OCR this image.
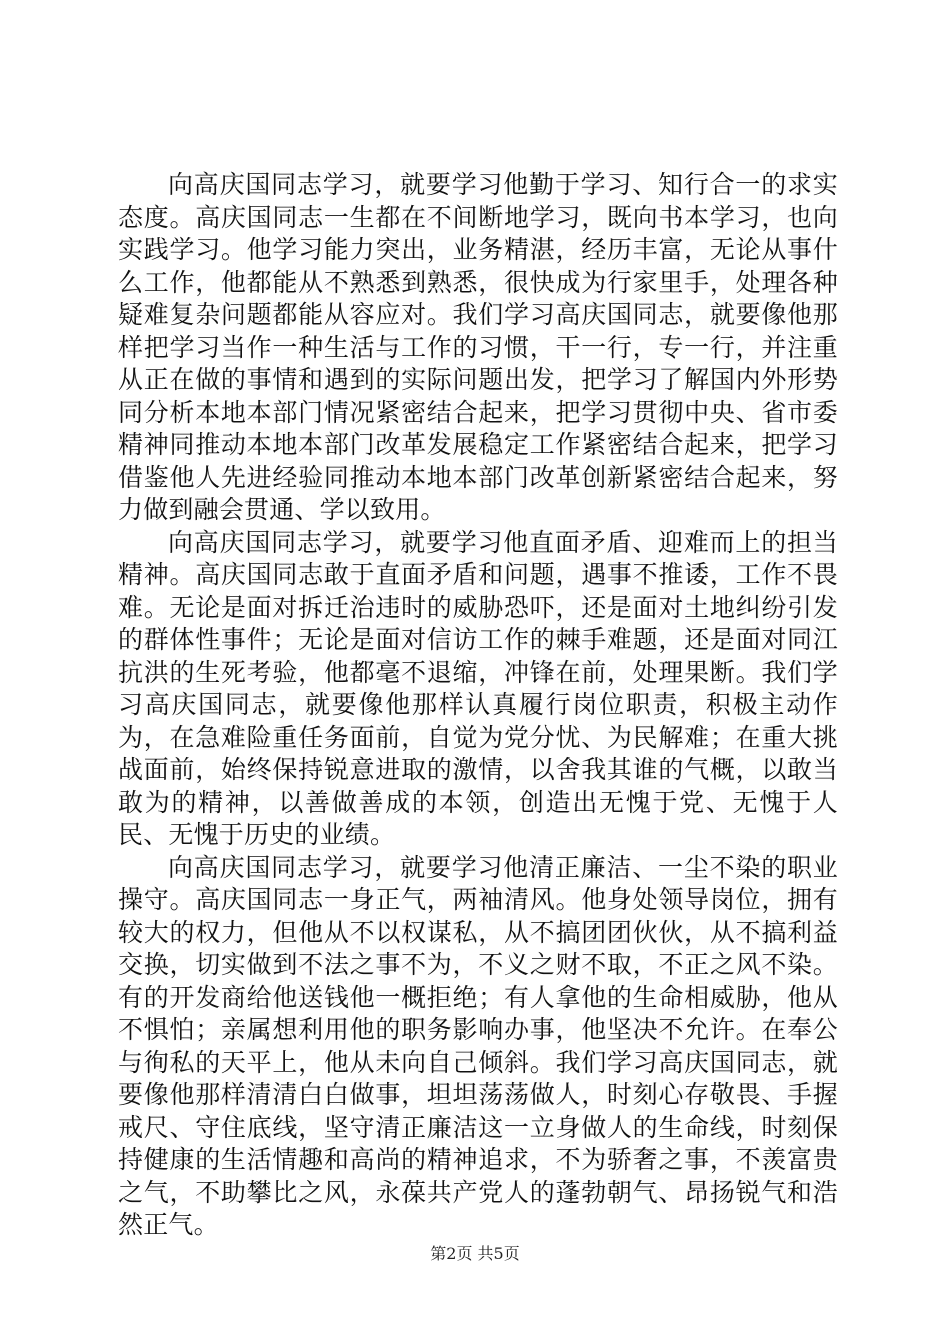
向高庆国同志学习，就要学习他勤于学习、知行合一的求实态度。高庆国同志一生都在不间断地学习，既向书本学习，也向实践学习。他学习能力突出，业务精湛，经历丰富，无论从事什么工作，他都能从不熟悉到熟悉，很快成为行家里手，处理各种疑难复杂问题都能从容应对。我们学习高庆国同志，就要像他那样把学习当作一种生活与工作的习惯，干一行，专一行，并注重从正在做的事情和遇到的实际问题出发，把学习了解国内外形势同分析本地本部门情况紧密结合起来，把学习贯彻中央、省市委精神同推动本地本部门改革发展稳定工作紧密结合起来，把学习借鉴他人先进经验同推动本地本部门改革创新紧密结合起来，努力做到融会贯通、学以致用。

向高庆国同志学习，就要学习他直面矛盾、迎难而上的担当精神。高庆国同志敢于直面矛盾和问题，遇事不推诿，工作不畏难。无论是面对拆迁治违时的威胁恐吓，还是面对土地纠纷引发的群体性事件；无论是面对信访工作的棘手难题，还是面对同江抗洪的生死考验，他都毫不退缩，冲锋在前，处理果断。我们学习高庆国同志，就要像他那样认真履行岗位职责，积极主动作为，在急难险重任务面前，自觉为党分忧、为民解难；在重大挑战面前，始终保持锐意进取的激情，以舍我其谁的气概，以敢当敢为的精神，以善做善成的本领，创造出无愧于党、无愧于人民、无愧于历史的业绩。

向高庆国同志学习，就要学习他清正廉洁、一尘不染的职业操守。高庆国同志一身正气，两袖清风。他身处领导岗位，拥有较大的权力，但他从不以权谋私，从不搞团团伙伙，从不搞利益交换，切实做到不法之事不为，不义之财不取，不正之风不染。有的开发商给他送钱他一概拒绝；有人拿他的生命相威胁，他从不惧怕；亲属想利用他的职务影响办事，他坚决不允许。在奉公与徇私的天平上，他从未向自己倾斜。我们学习高庆国同志，就要像他那样清清白白做事，坦坦荡荡做人，时刻心存敬畏、手握戒尺、守住底线，坚守清正廉洁这一立身做人的生命线，时刻保持健康的生活情趣和高尚的精神追求，不为骄奢之事，不羡富贵之气，不助攀比之风，永葆共产党人的蓬勃朝气、昂扬锐气和浩然正气。

第2页 共5页
